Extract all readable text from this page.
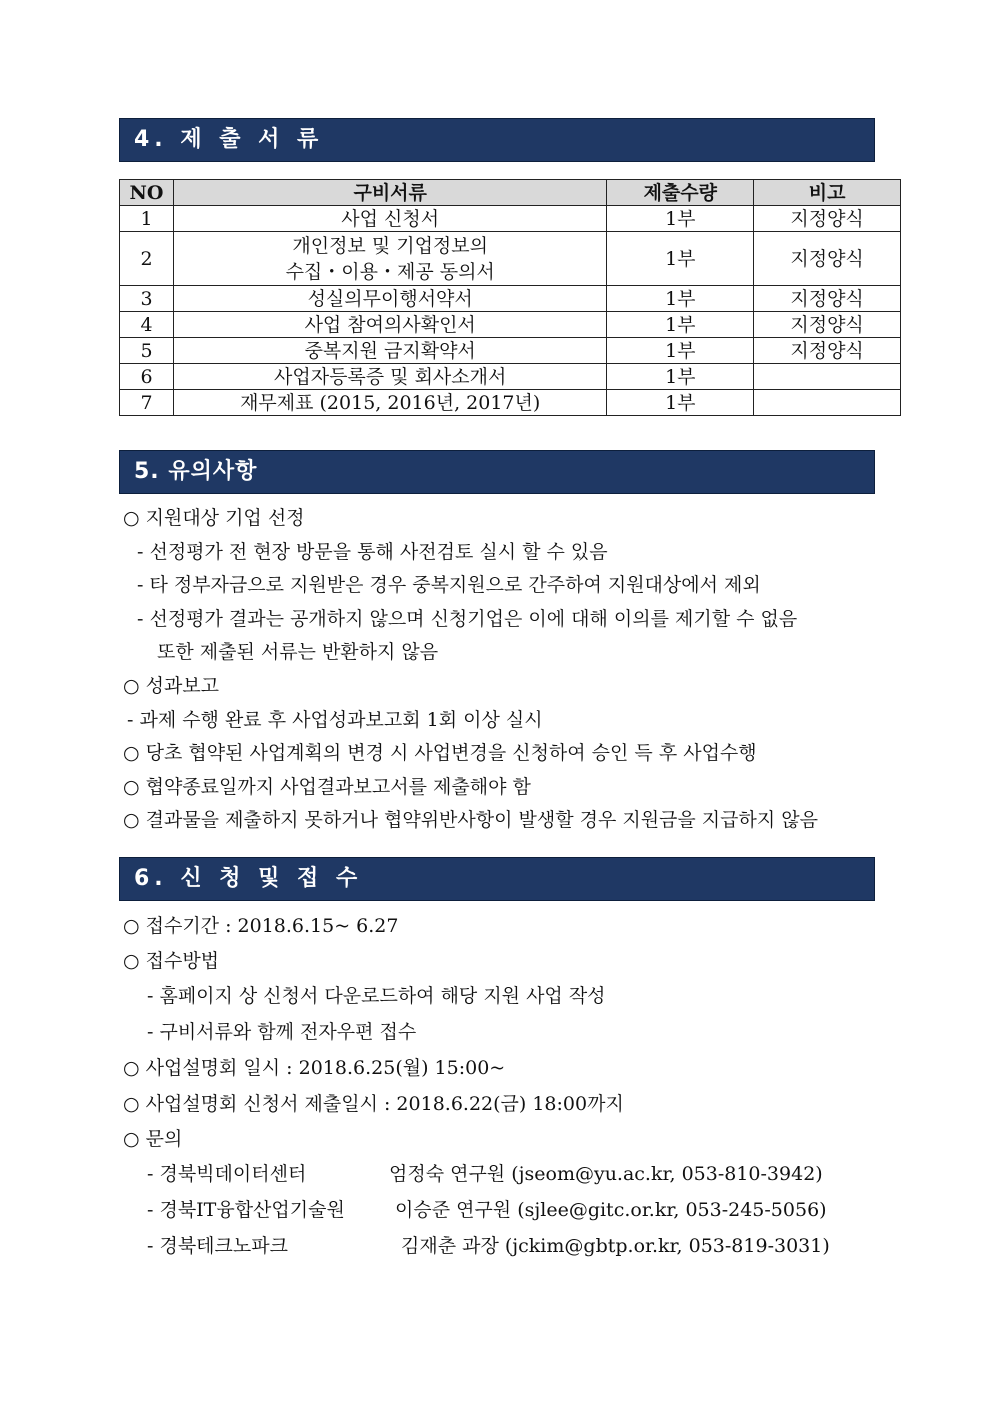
4. 제 출 서 류
NO	구비서류	제출수량	비고
1	사업 신청서	1부	지정양식
2	개인정보 및 기업정보의
수집・이용・제공 동의서	1부	지정양식
3	성실의무이행서약서	1부	지정양식
4	사업 참여의사확인서	1부	지정양식
5	중복지원 금지확약서	1부	지정양식
6	사업자등록증 및 회사소개서	1부	
7	재무제표 (2015, 2016년, 2017년)	1부	
5. 유의사항
○ 지원대상 기업 선정
- 선정평가 전 현장 방문을 통해 사전검토 실시 할 수 있음
- 타 정부자금으로 지원받은 경우 중복지원으로 간주하여 지원대상에서 제외
- 선정평가 결과는 공개하지 않으며 신청기업은 이에 대해 이의를 제기할 수 없음
또한 제출된 서류는 반환하지 않음
○ 성과보고
- 과제 수행 완료 후 사업성과보고회 1회 이상 실시
○ 당초 협약된 사업계획의 변경 시 사업변경을 신청하여 승인 득 후 사업수행
○ 협약종료일까지 사업결과보고서를 제출해야 함
○ 결과물을 제출하지 못하거나 협약위반사항이 발생할 경우 지원금을 지급하지 않음
6. 신 청 및 접 수
○ 접수기간 : 2018.6.15~ 6.27
○ 접수방법
- 홈페이지 상 신청서 다운로드하여 해당 지원 사업 작성
- 구비서류와 함께 전자우편 접수
○ 사업설명회 일시 : 2018.6.25(월) 15:00~
○ 사업설명회 신청서 제출일시 : 2018.6.22(금) 18:00까지
○ 문의
- 경북빅데이터센터	엄정숙 연구원 (jseom@yu.ac.kr, 053-810-3942)
- 경북IT융합산업기술원	이승준 연구원 (sjlee@gitc.or.kr, 053-245-5056)
- 경북테크노파크	김재춘 과장 (jckim@gbtp.or.kr, 053-819-3031)
